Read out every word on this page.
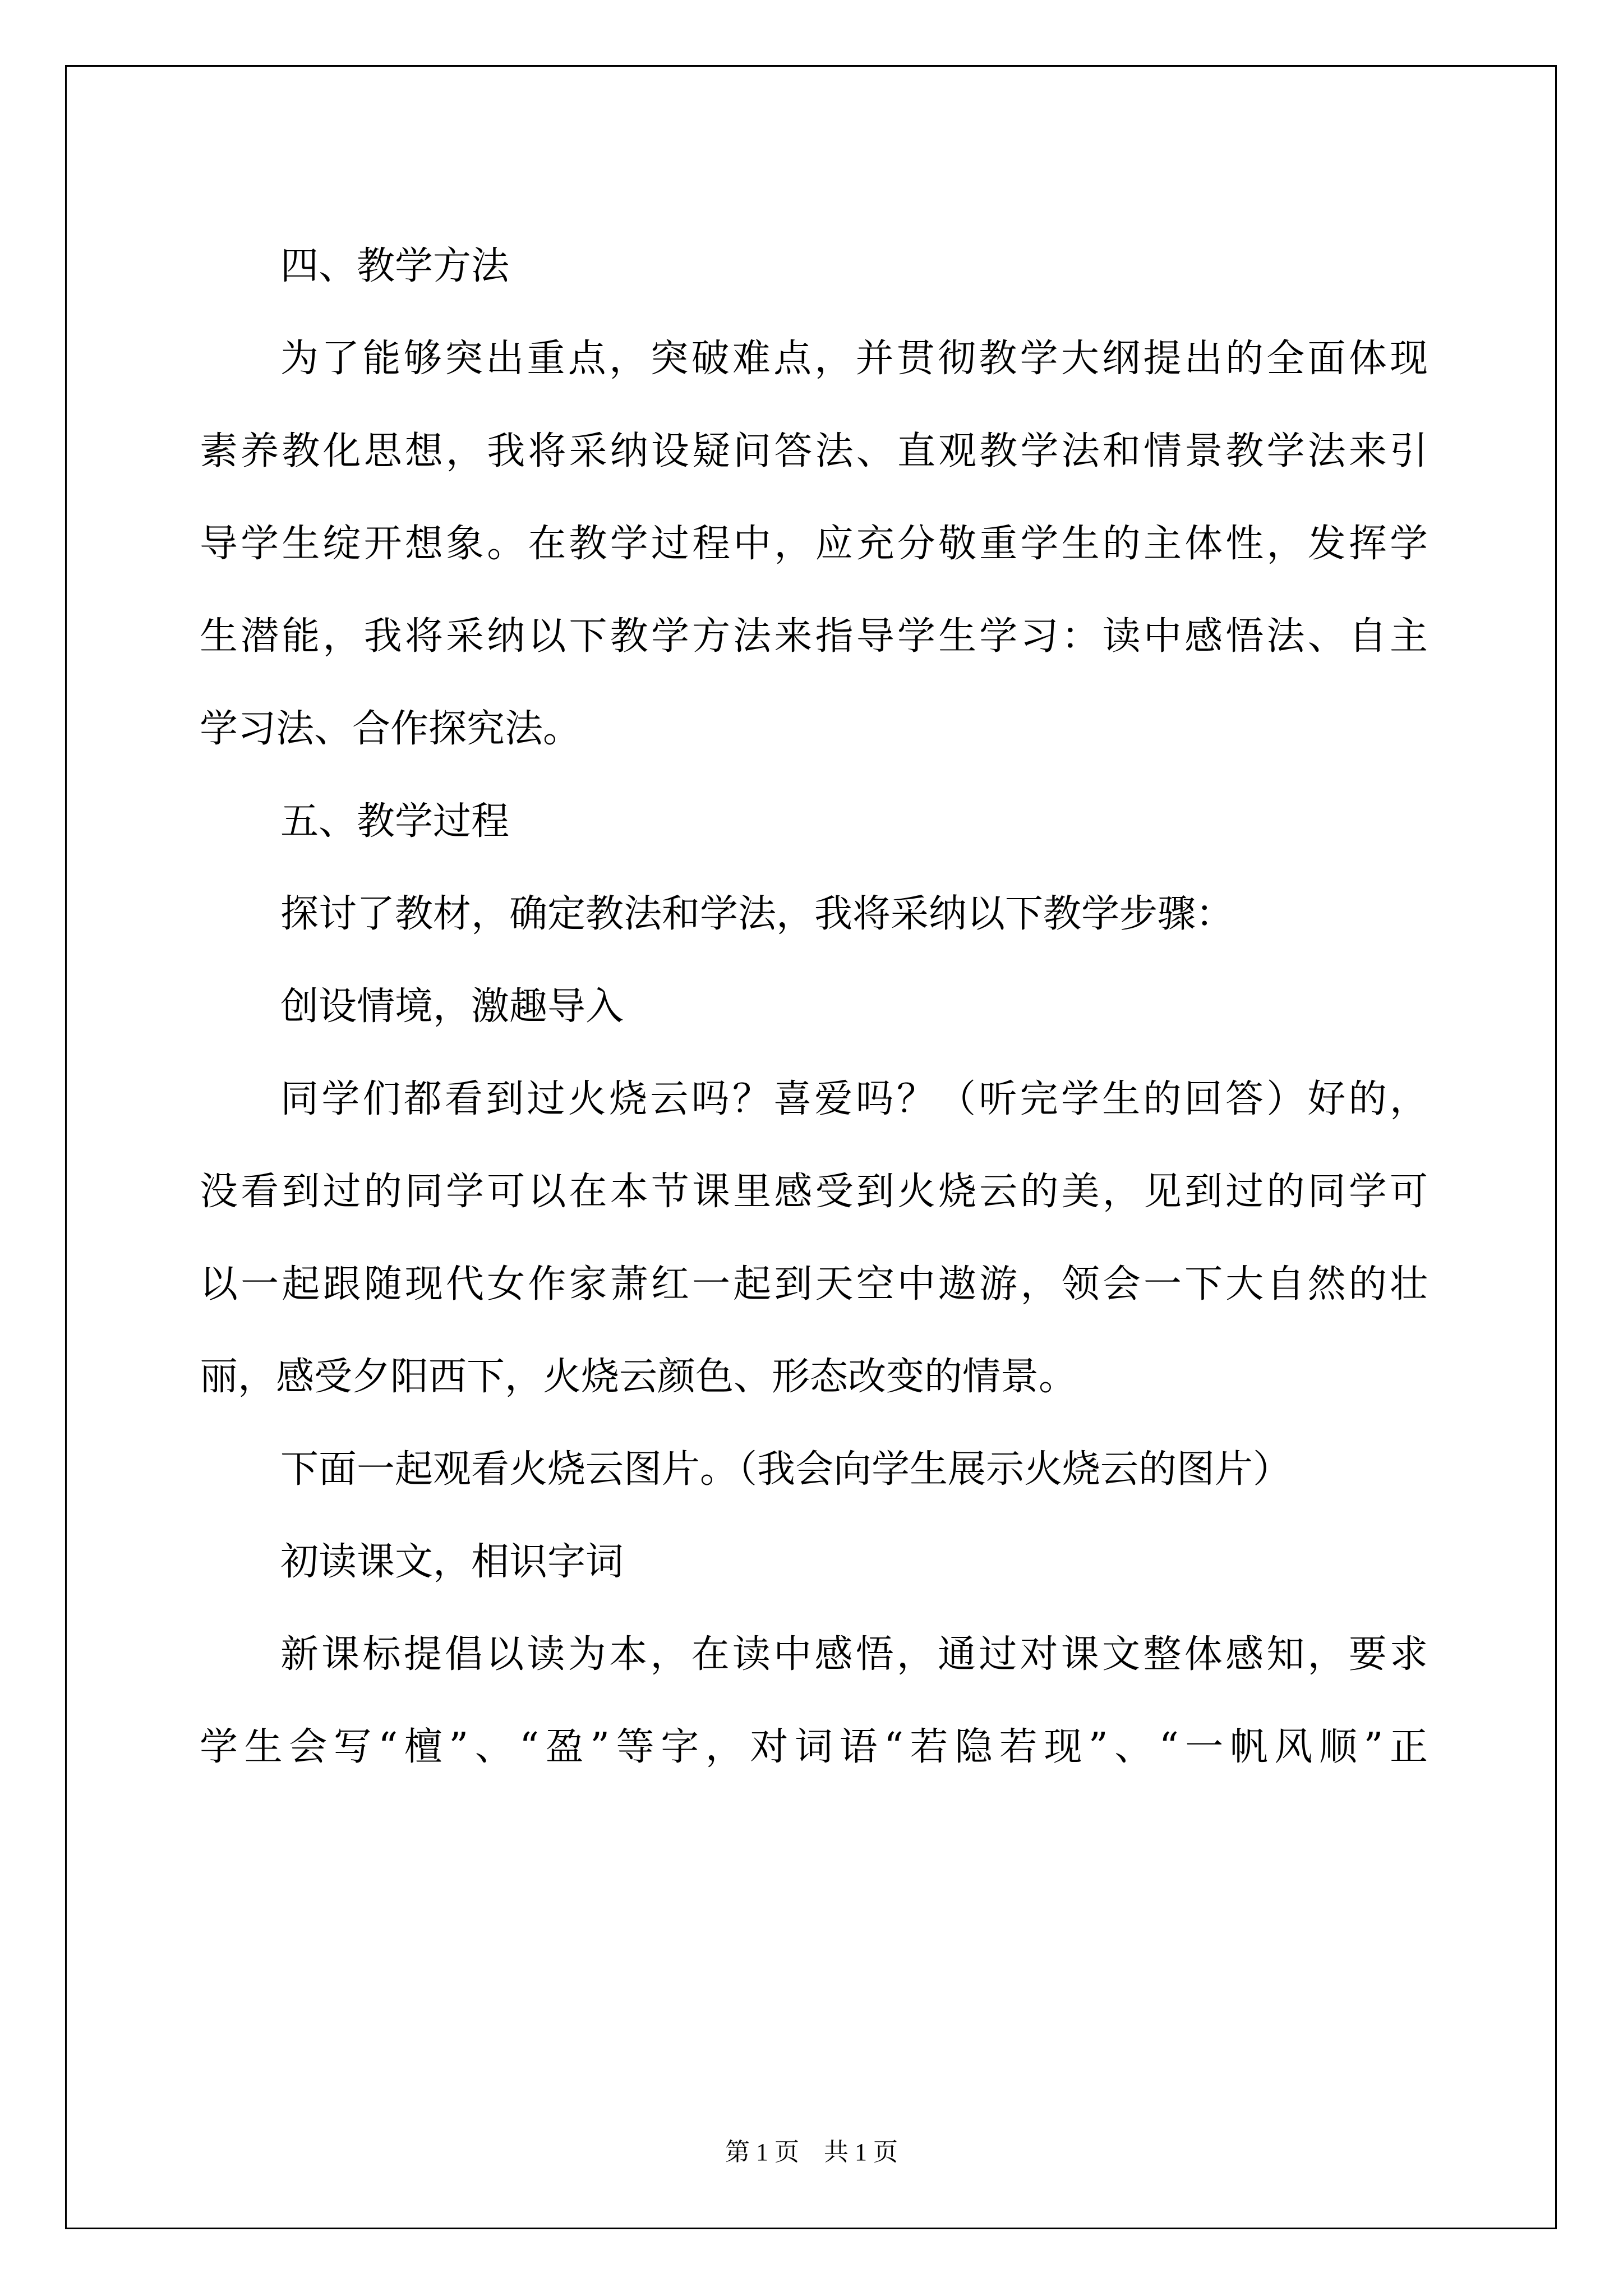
四、教学方法
为了能够突出重点，突破难点，并贯彻教学大纲提出的全面体现
素养教化思想，我将采纳设疑问答法、直观教学法和情景教学法来引
导学生绽开想象。在教学过程中，应充分敬重学生的主体性，发挥学
生潜能，我将采纳以下教学方法来指导学生学习：读中感悟法、自主
学习法、合作探究法。
五、教学过程
探讨了教材，确定教法和学法，我将采纳以下教学步骤：
创设情境，激趣导入
同学们都看到过火烧云吗？喜爱吗？（听完学生的回答）好的，
没看到过的同学可以在本节课里感受到火烧云的美，见到过的同学可
以一起跟随现代女作家萧红一起到天空中遨游，领会一下大自然的壮
丽，感受夕阳西下，火烧云颜色、形态改变的情景。
下面一起观看火烧云图片。（我会向学生展示火烧云的图片）
初读课文，相识字词
新课标提倡以读为本，在读中感悟，通过对课文整体感知，要求
学生会写“檀”、“盈”等字，对词语“若隐若现”、“一帆风顺”正
第 1 页 共 1 页
